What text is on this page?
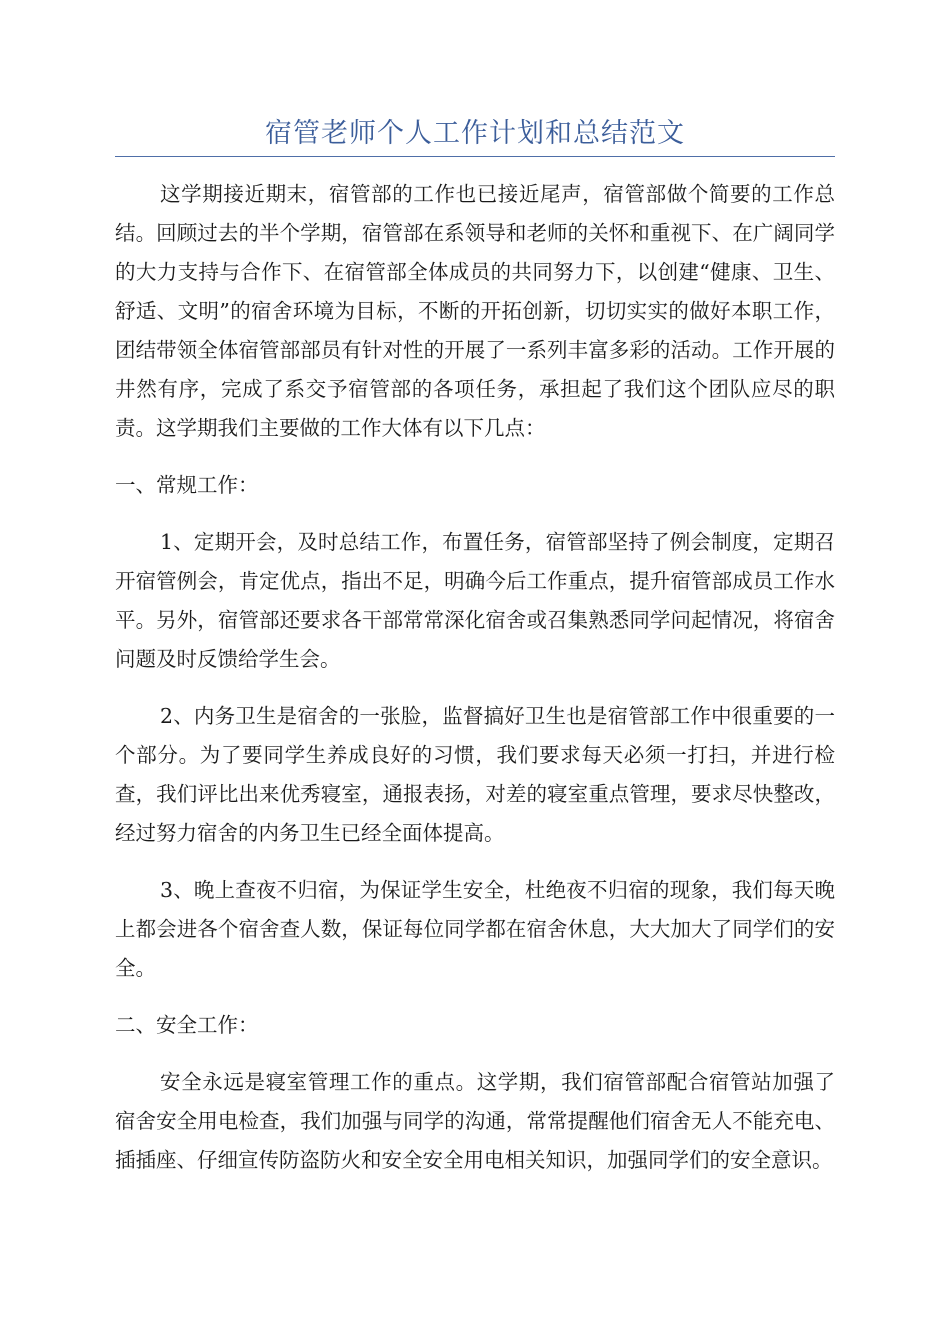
宿管老师个人工作计划和总结范文

这学期接近期末，宿管部的工作也已接近尾声，宿管部做个简要的工作总结。回顾过去的半个学期，宿管部在系领导和老师的关怀和重视下、在广阔同学的大力支持与合作下、在宿管部全体成员的共同努力下，以创建“健康、卫生、舒适、文明”的宿舍环境为目标，不断的开拓创新，切切实实的做好本职工作，团结带领全体宿管部部员有针对性的开展了一系列丰富多彩的活动。工作开展的井然有序，完成了系交予宿管部的各项任务，承担起了我们这个团队应尽的职责。这学期我们主要做的工作大体有以下几点：

一、常规工作：

1、定期开会，及时总结工作，布置任务，宿管部坚持了例会制度，定期召开宿管例会，肯定优点，指出不足，明确今后工作重点，提升宿管部成员工作水平。另外，宿管部还要求各干部常常深化宿舍或召集熟悉同学问起情况，将宿舍问题及时反馈给学生会。

2、内务卫生是宿舍的一张脸，监督搞好卫生也是宿管部工作中很重要的一个部分。为了要同学生养成良好的习惯，我们要求每天必须一打扫，并进行检查，我们评比出来优秀寝室，通报表扬，对差的寝室重点管理，要求尽快整改，经过努力宿舍的内务卫生已经全面体提高。

3、晚上查夜不归宿，为保证学生安全，杜绝夜不归宿的现象，我们每天晚上都会进各个宿舍查人数，保证每位同学都在宿舍休息，大大加大了同学们的安全。

二、安全工作：

安全永远是寝室管理工作的重点。这学期，我们宿管部配合宿管站加强了宿舍安全用电检查，我们加强与同学的沟通，常常提醒他们宿舍无人不能充电、插插座、仔细宣传防盗防火和安全安全用电相关知识，加强同学们的安全意识。
